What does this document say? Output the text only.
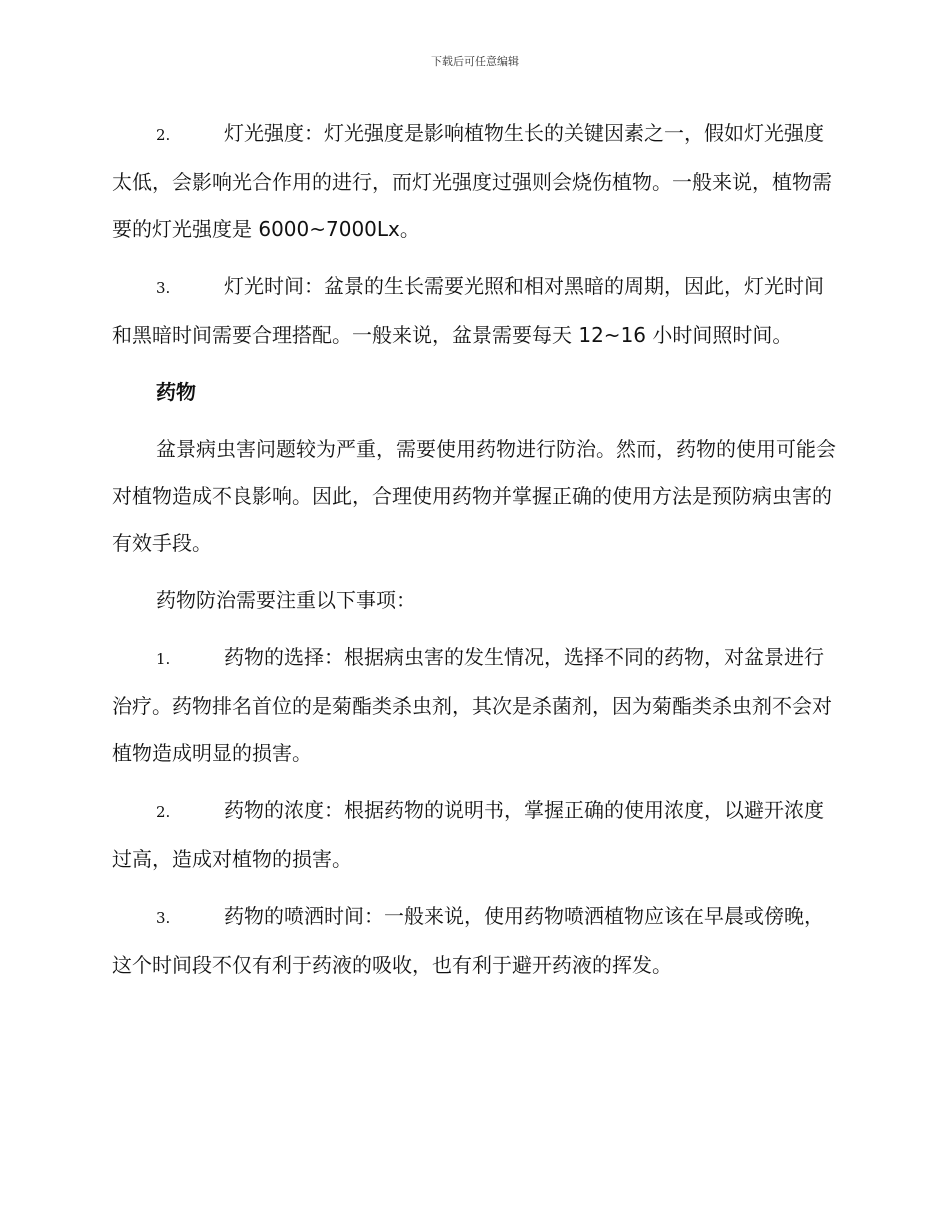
下载后可任意编辑

2.	灯光强度：灯光强度是影响植物生长的关键因素之一，假如灯光强度太低，会影响光合作用的进行，而灯光强度过强则会烧伤植物。一般来说，植物需要的灯光强度是 6000~7000Lx。

3.	灯光时间：盆景的生长需要光照和相对黑暗的周期，因此，灯光时间和黑暗时间需要合理搭配。一般来说，盆景需要每天 12~16 小时间照时间。

药物

盆景病虫害问题较为严重，需要使用药物进行防治。然而，药物的使用可能会对植物造成不良影响。因此，合理使用药物并掌握正确的使用方法是预防病虫害的有效手段。

药物防治需要注重以下事项：

1.	药物的选择：根据病虫害的发生情况，选择不同的药物，对盆景进行治疗。药物排名首位的是菊酯类杀虫剂，其次是杀菌剂，因为菊酯类杀虫剂不会对植物造成明显的损害。

2.	药物的浓度：根据药物的说明书，掌握正确的使用浓度，以避开浓度过高，造成对植物的损害。

3.	药物的喷洒时间：一般来说，使用药物喷洒植物应该在早晨或傍晚，这个时间段不仅有利于药液的吸收，也有利于避开药液的挥发。
